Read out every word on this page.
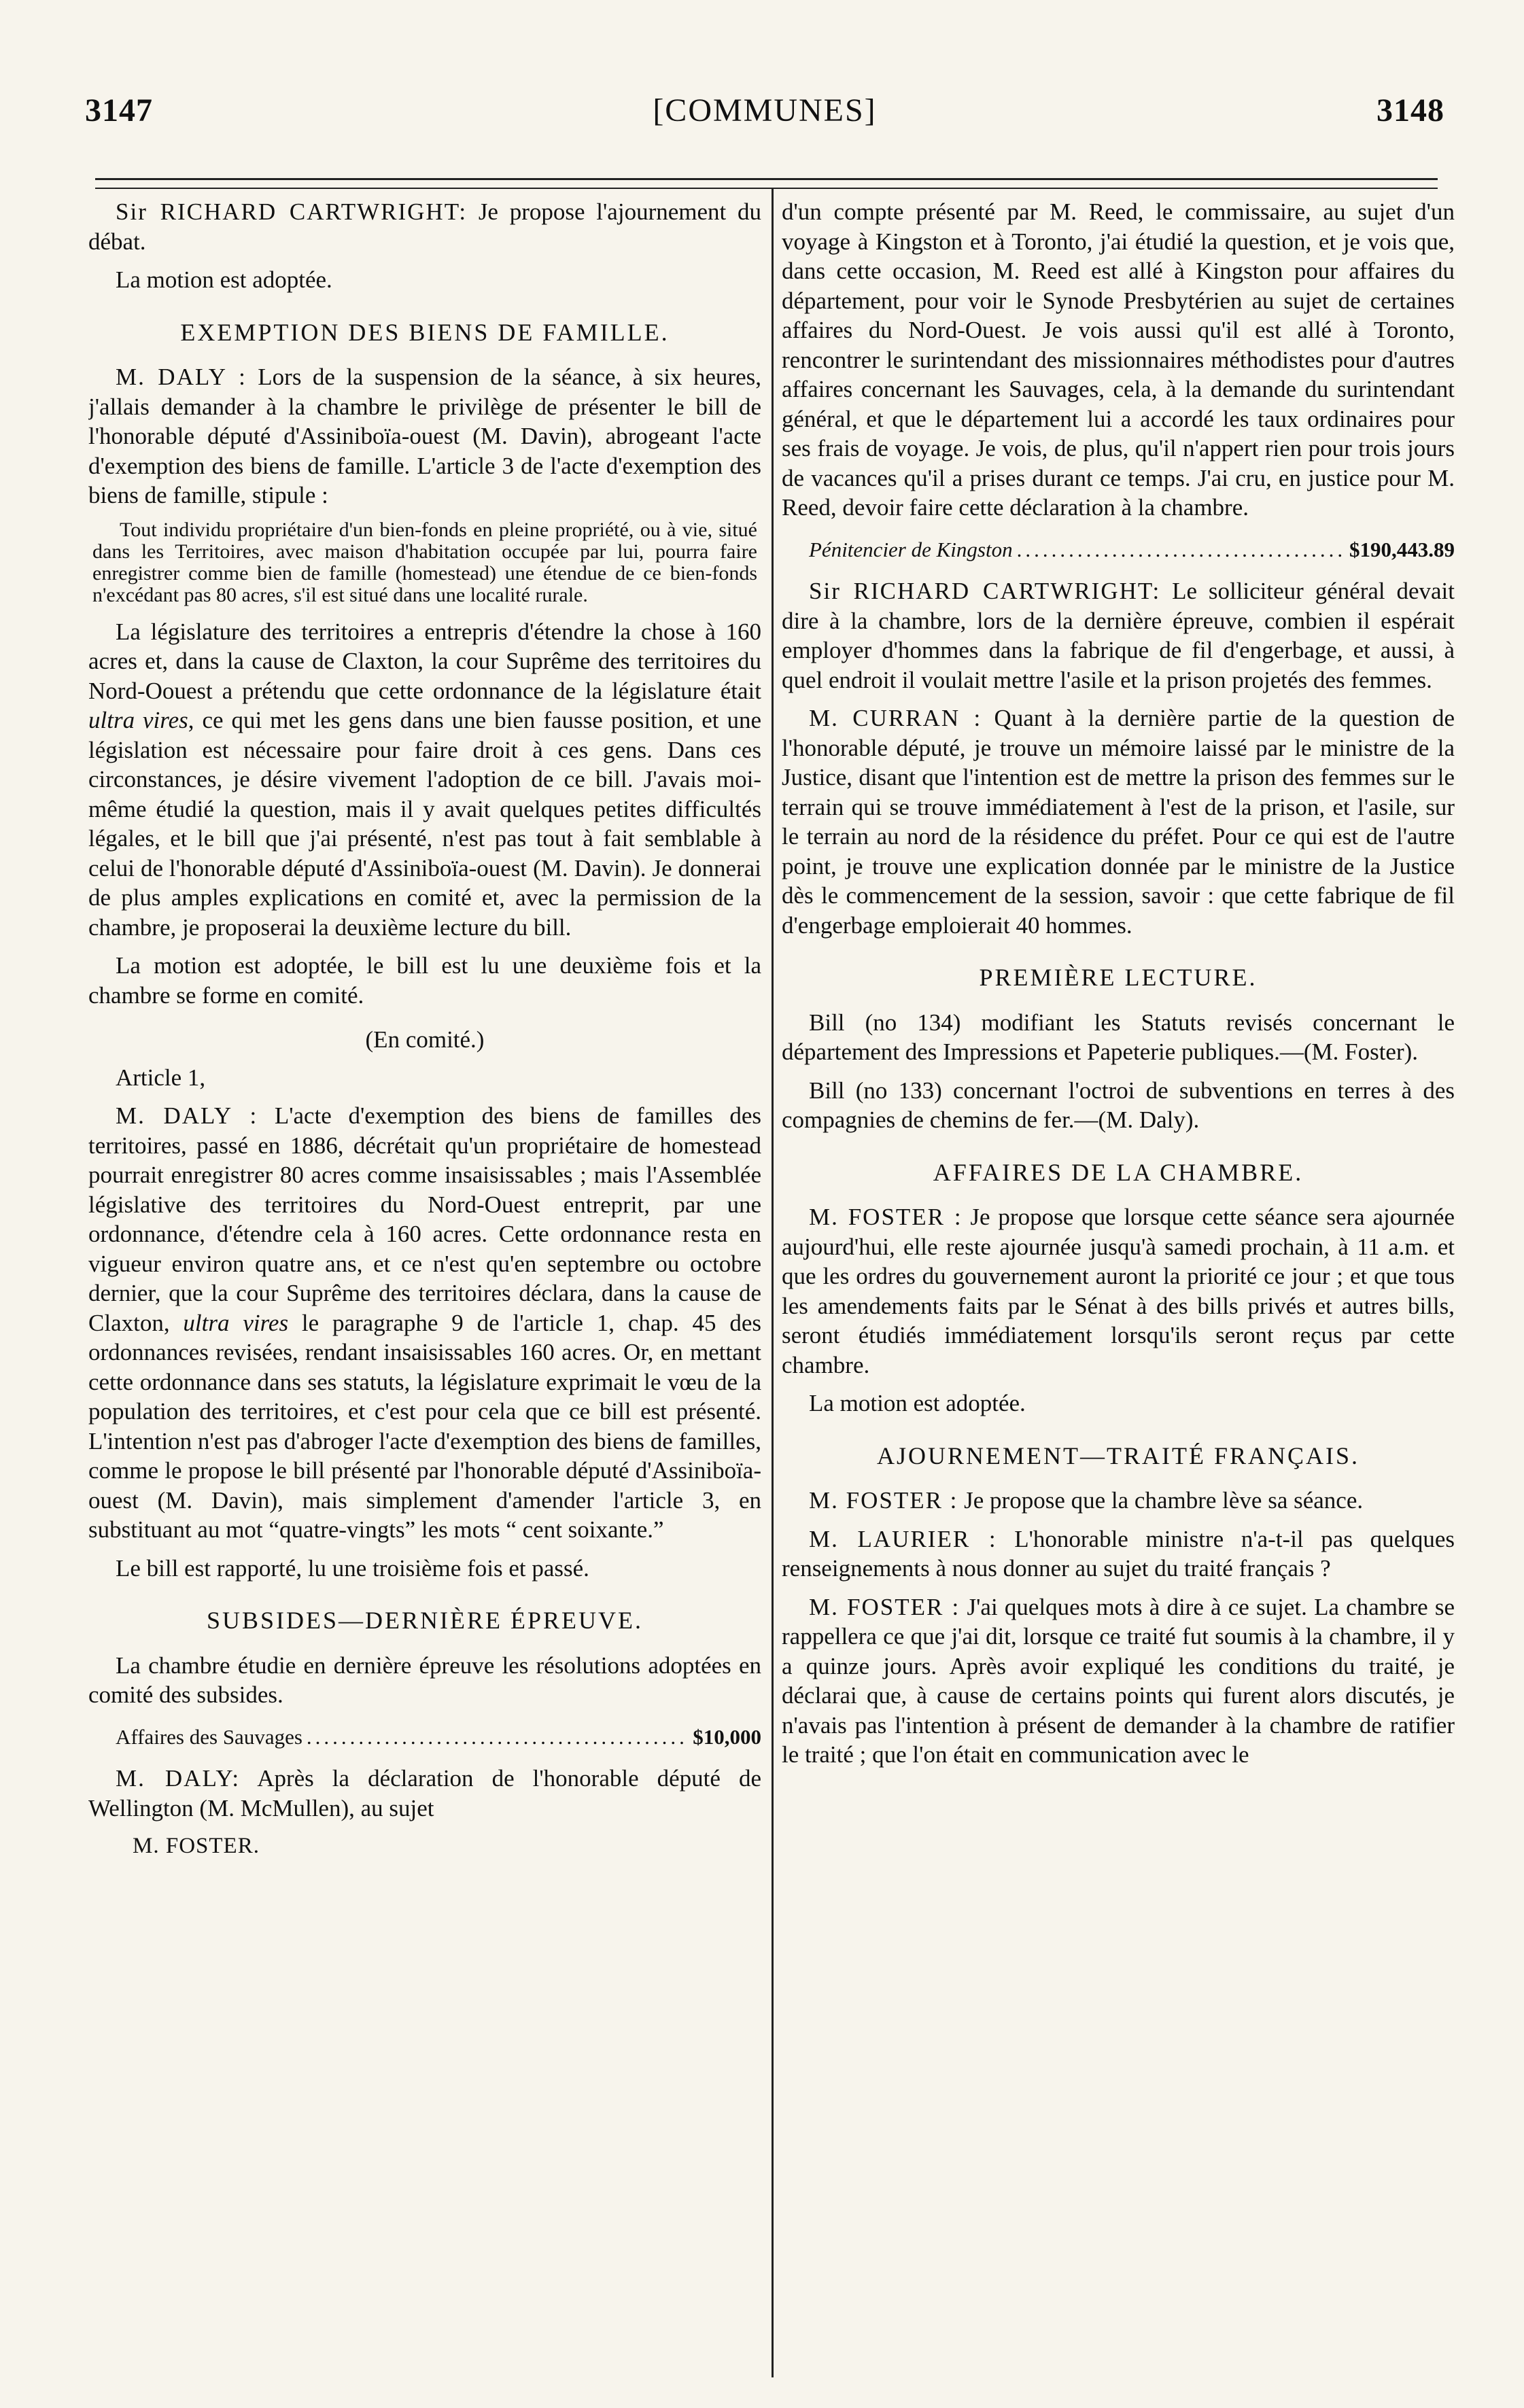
3147	[COMMUNES]	3148

Sir RICHARD CARTWRIGHT: Je propose l'ajournement du débat.

La motion est adoptée.

EXEMPTION DES BIENS DE FAMILLE.

M. DALY : Lors de la suspension de la séance, à six heures, j'allais demander à la chambre le privilège de présenter le bill de l'honorable député d'Assiniboïa-ouest (M. Davin), abrogeant l'acte d'exemption des biens de famille. L'article 3 de l'acte d'exemption des biens de famille, stipule :

Tout individu propriétaire d'un bien-fonds en pleine propriété, ou à vie, situé dans les Territoires, avec maison d'habitation occupée par lui, pourra faire enregistrer comme bien de famille (homestead) une étendue de ce bien-fonds n'excédant pas 80 acres, s'il est situé dans une localité rurale.

La législature des territoires a entrepris d'étendre la chose à 160 acres et, dans la cause de Claxton, la cour Suprême des territoires du Nord-Oouest a prétendu que cette ordonnance de la législature était ultra vires, ce qui met les gens dans une bien fausse position, et une législation est nécessaire pour faire droit à ces gens. Dans ces circonstances, je désire vivement l'adoption de ce bill. J'avais moi-même étudié la question, mais il y avait quelques petites difficultés légales, et le bill que j'ai présenté, n'est pas tout à fait semblable à celui de l'honorable député d'Assiniboïa-ouest (M. Davin). Je donnerai de plus amples explications en comité et, avec la permission de la chambre, je proposerai la deuxième lecture du bill.

La motion est adoptée, le bill est lu une deuxième fois et la chambre se forme en comité.

(En comité.)

Article 1,

M. DALY : L'acte d'exemption des biens de familles des territoires, passé en 1886, décrétait qu'un propriétaire de homestead pourrait enregistrer 80 acres comme insaisissables ; mais l'Assemblée législative des territoires du Nord-Ouest entreprit, par une ordonnance, d'étendre cela à 160 acres. Cette ordonnance resta en vigueur environ quatre ans, et ce n'est qu'en septembre ou octobre dernier, que la cour Suprême des territoires déclara, dans la cause de Claxton, ultra vires le paragraphe 9 de l'article 1, chap. 45 des ordonnances revisées, rendant insaisissables 160 acres. Or, en mettant cette ordonnance dans ses statuts, la législature exprimait le vœu de la population des territoires, et c'est pour cela que ce bill est présenté. L'intention n'est pas d'abroger l'acte d'exemption des biens de familles, comme le propose le bill présenté par l'honorable député d'Assiniboïa-ouest (M. Davin), mais simplement d'amender l'article 3, en substituant au mot “quatre-vingts” les mots “ cent soixante.”

Le bill est rapporté, lu une troisième fois et passé.

SUBSIDES—DERNIÈRE ÉPREUVE.

La chambre étudie en dernière épreuve les résolutions adoptées en comité des subsides.

Affaires des Sauvages .....	$10,000

M. DALY: Après la déclaration de l'honorable député de Wellington (M. McMullen), au sujet

M. FOSTER.

d'un compte présenté par M. Reed, le commissaire, au sujet d'un voyage à Kingston et à Toronto, j'ai étudié la question, et je vois que, dans cette occasion, M. Reed est allé à Kingston pour affaires du département, pour voir le Synode Presbytérien au sujet de certaines affaires du Nord-Ouest. Je vois aussi qu'il est allé à Toronto, rencontrer le surintendant des missionnaires méthodistes pour d'autres affaires concernant les Sauvages, cela, à la demande du surintendant général, et que le département lui a accordé les taux ordinaires pour ses frais de voyage. Je vois, de plus, qu'il n'appert rien pour trois jours de vacances qu'il a prises durant ce temps. J'ai cru, en justice pour M. Reed, devoir faire cette déclaration à la chambre.

Pénitencier de Kingston .....	$190,443.89

Sir RICHARD CARTWRIGHT: Le solliciteur général devait dire à la chambre, lors de la dernière épreuve, combien il espérait employer d'hommes dans la fabrique de fil d'engerbage, et aussi, à quel endroit il voulait mettre l'asile et la prison projetés des femmes.

M. CURRAN : Quant à la dernière partie de la question de l'honorable député, je trouve un mémoire laissé par le ministre de la Justice, disant que l'intention est de mettre la prison des femmes sur le terrain qui se trouve immédiatement à l'est de la prison, et l'asile, sur le terrain au nord de la résidence du préfet. Pour ce qui est de l'autre point, je trouve une explication donnée par le ministre de la Justice dès le commencement de la session, savoir : que cette fabrique de fil d'engerbage emploierait 40 hommes.

PREMIÈRE LECTURE.

Bill (no 134) modifiant les Statuts revisés concernant le département des Impressions et Papeterie publiques.—(M. Foster).

Bill (no 133) concernant l'octroi de subventions en terres à des compagnies de chemins de fer.—(M. Daly).

AFFAIRES DE LA CHAMBRE.

M. FOSTER : Je propose que lorsque cette séance sera ajournée aujourd'hui, elle reste ajournée jusqu'à samedi prochain, à 11 a.m. et que les ordres du gouvernement auront la priorité ce jour ; et que tous les amendements faits par le Sénat à des bills privés et autres bills, seront étudiés immédiatement lorsqu'ils seront reçus par cette chambre.

La motion est adoptée.

AJOURNEMENT—TRAITÉ FRANÇAIS.

M. FOSTER : Je propose que la chambre lève sa séance.

M. LAURIER : L'honorable ministre n'a-t-il pas quelques renseignements à nous donner au sujet du traité français ?

M. FOSTER : J'ai quelques mots à dire à ce sujet. La chambre se rappellera ce que j'ai dit, lorsque ce traité fut soumis à la chambre, il y a quinze jours. Après avoir expliqué les conditions du traité, je déclarai que, à cause de certains points qui furent alors discutés, je n'avais pas l'intention à présent de demander à la chambre de ratifier le traité ; que l'on était en communication avec le
